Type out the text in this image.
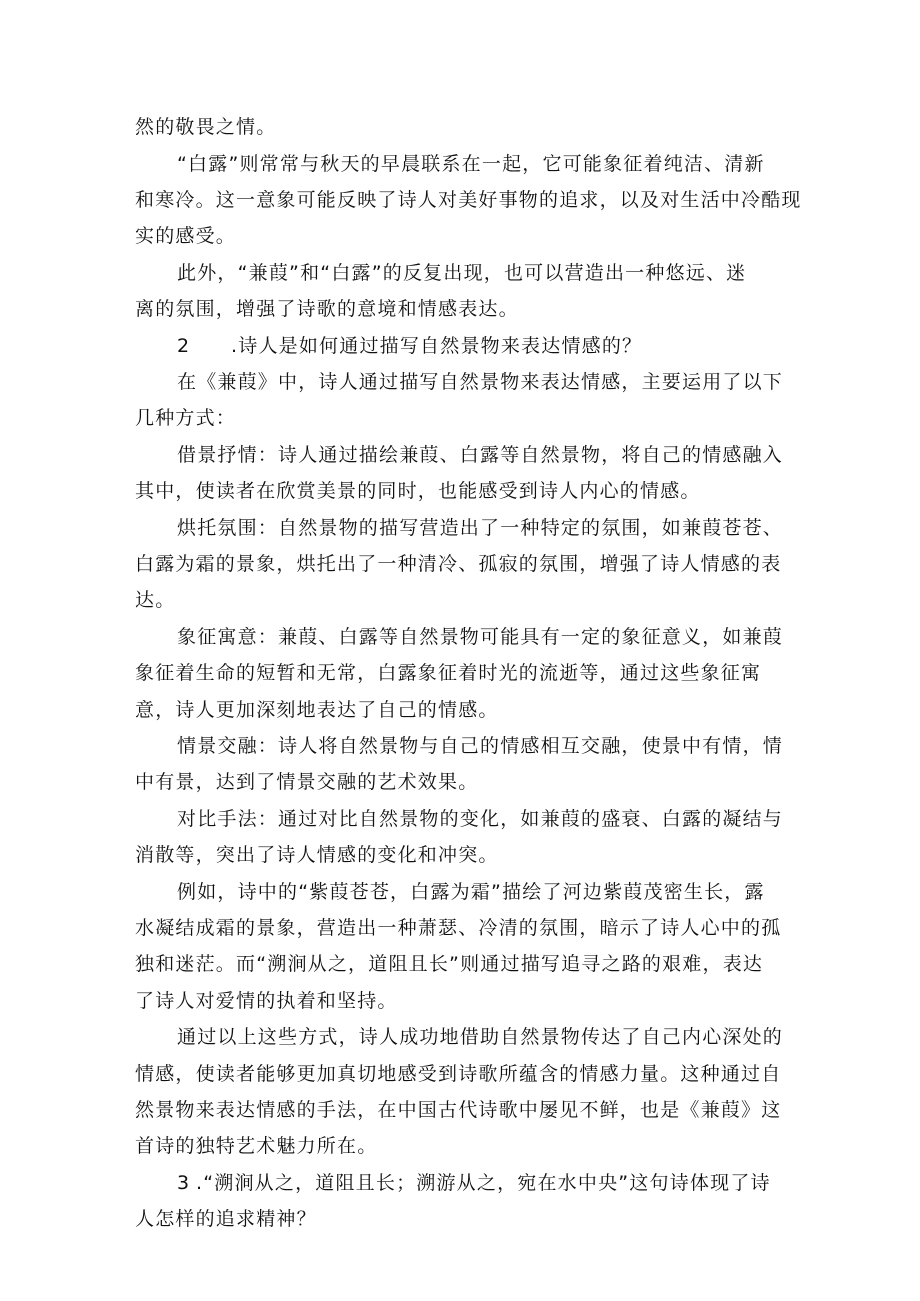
然的敬畏之情。
“白露”则常常与秋天的早晨联系在一起，它可能象征着纯洁、清新
和寒冷。这一意象可能反映了诗人对美好事物的追求，以及对生活中冷酷现
实的感受。
此外，“兼葭”和“白露”的反复出现，也可以营造出一种悠远、迷
离的氛围，增强了诗歌的意境和情感表达。
2 .诗人是如何通过描写自然景物来表达情感的？
在《兼葭》中，诗人通过描写自然景物来表达情感，主要运用了以下
几种方式：
借景抒情：诗人通过描绘兼葭、白露等自然景物，将自己的情感融入
其中，使读者在欣赏美景的同时，也能感受到诗人内心的情感。
烘托氛围：自然景物的描写营造出了一种特定的氛围，如兼葭苍苍、
白露为霜的景象，烘托出了一种清冷、孤寂的氛围，增强了诗人情感的表
达。
象征寓意：兼葭、白露等自然景物可能具有一定的象征意义，如兼葭
象征着生命的短暂和无常，白露象征着时光的流逝等，通过这些象征寓
意，诗人更加深刻地表达了自己的情感。
情景交融：诗人将自然景物与自己的情感相互交融，使景中有情，情
中有景，达到了情景交融的艺术效果。
对比手法：通过对比自然景物的变化，如兼葭的盛衰、白露的凝结与
消散等，突出了诗人情感的变化和冲突。
例如，诗中的“紫葭苍苍，白露为霜”描绘了河边紫葭茂密生长，露
水凝结成霜的景象，营造出一种萧瑟、冷清的氛围，暗示了诗人心中的孤
独和迷茫。而“溯涧从之，道阻且长”则通过描写追寻之路的艰难，表达
了诗人对爱情的执着和坚持。
通过以上这些方式，诗人成功地借助自然景物传达了自己内心深处的
情感，使读者能够更加真切地感受到诗歌所蕴含的情感力量。这种通过自
然景物来表达情感的手法，在中国古代诗歌中屡见不鲜，也是《兼葭》这
首诗的独特艺术魅力所在。
3 .“溯涧从之，道阻且长；溯游从之，宛在水中央”这句诗体现了诗
人怎样的追求精神？
